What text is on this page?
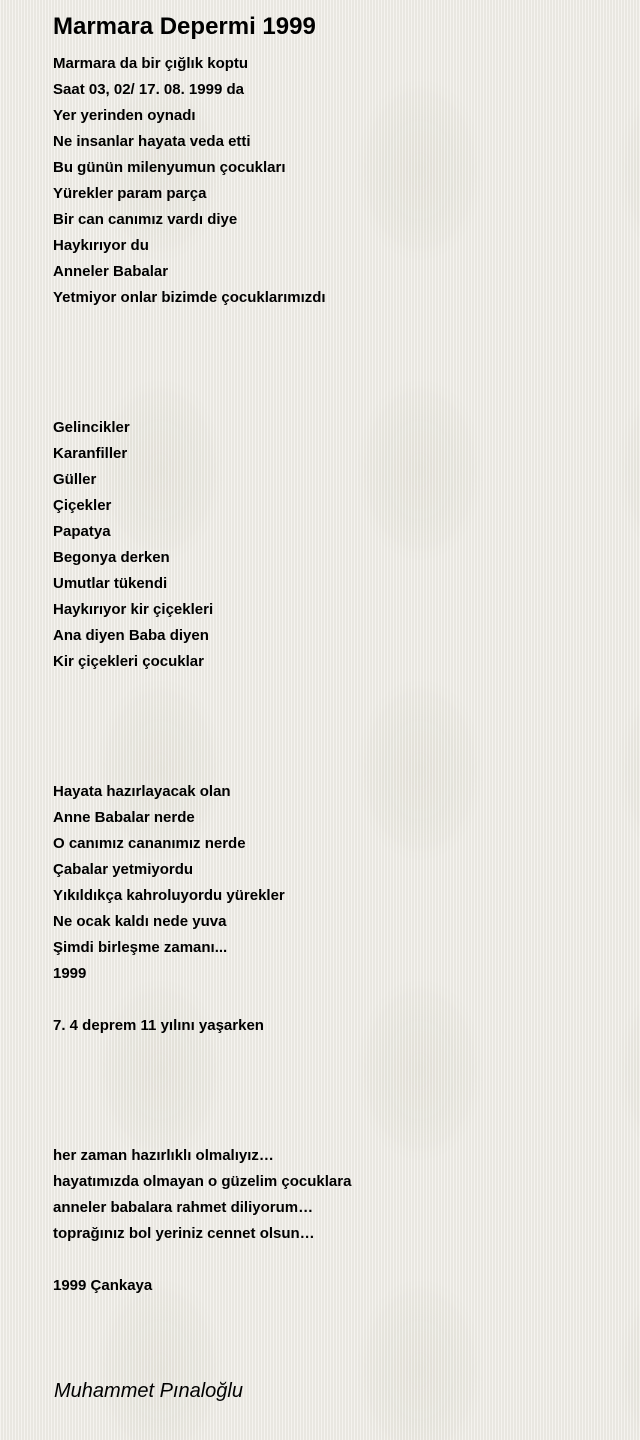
Marmara Depermi 1999
Marmara da bir çığlık koptu
Saat 03, 02/ 17. 08. 1999 da
Yer yerinden oynadı
Ne insanlar hayata veda etti
Bu günün milenyumun çocukları
Yürekler param parça
Bir can canımız vardı diye
Haykırıyor du
Anneler Babalar
Yetmiyor onlar bizimde çocuklarımızdı
Gelincikler
Karanfiller
Güller
Çiçekler
Papatya
Begonya derken
Umutlar tükendi
Haykırıyor kir çiçekleri
Ana diyen Baba diyen
Kir çiçekleri çocuklar
Hayata hazırlayacak olan
Anne Babalar nerde
O canımız cananımız nerde
Çabalar yetmiyordu
Yıkıldıkça kahroluyordu yürekler
Ne ocak kaldı nede yuva
Şimdi birleşme zamanı...
1999
7. 4 deprem 11 yılını yaşarken
her zaman hazırlıklı olmalıyız…
hayatımızda olmayan o güzelim çocuklara
anneler babalara rahmet diliyorum…
toprağınız bol yeriniz cennet olsun…
1999 Çankaya
Muhammet Pınaloğlu
